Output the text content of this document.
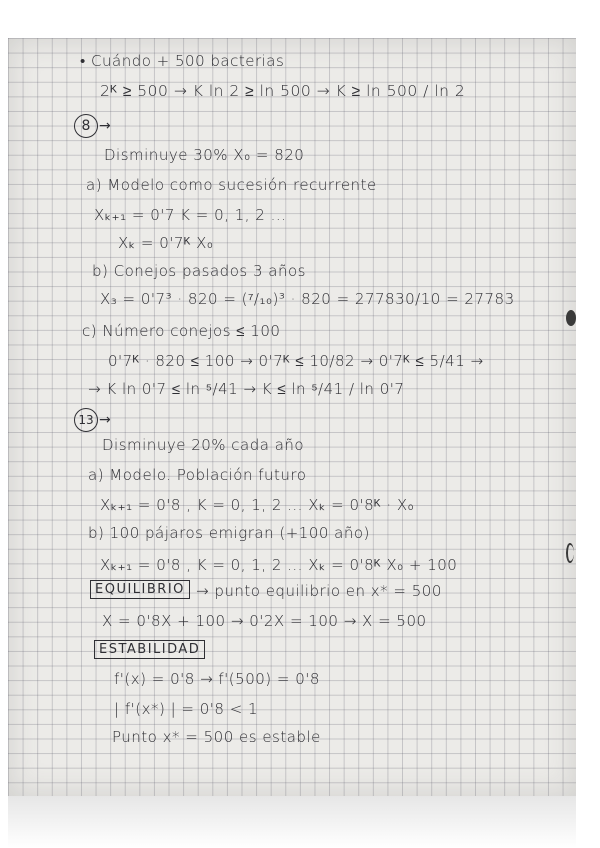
• Cuándo + 500 bacterias
2ᴷ ≥ 500 → K ln 2 ≥ ln 500 → K ≥ ln 500 / ln 2
8 →
Disminuye 30% X₀ = 820
a) Modelo como sucesión recurrente
Xₖ₊₁ = 0'7 K = 0, 1, 2 ...
Xₖ = 0'7ᴷ X₀
b) Conejos pasados 3 años
X₃ = 0'7³ · 820 = (⁷/₁₀)³ · 820 = 277830/10 = 27783
c) Número conejos ≤ 100
0'7ᴷ · 820 ≤ 100 → 0'7ᴷ ≤ 10/82 → 0'7ᴷ ≤ 5/41 →
→ K ln 0'7 ≤ ln ⁵/41 → K ≤ ln ⁵/41 / ln 0'7
13 →
Disminuye 20% cada año
a) Modelo. Población futuro
Xₖ₊₁ = 0'8 , K = 0, 1, 2 ... Xₖ = 0'8ᴷ · X₀
b) 100 pájaros emigran (+100 año)
Xₖ₊₁ = 0'8 , K = 0, 1, 2 ... Xₖ = 0'8ᴷ X₀ + 100
EQUILIBRIO → punto equilibrio en x* = 500
X = 0'8X + 100 → 0'2X = 100 → X = 500
ESTABILIDAD
f'(x) = 0'8 → f'(500) = 0'8
| f'(x*) | = 0'8 < 1
Punto x* = 500 es estable
